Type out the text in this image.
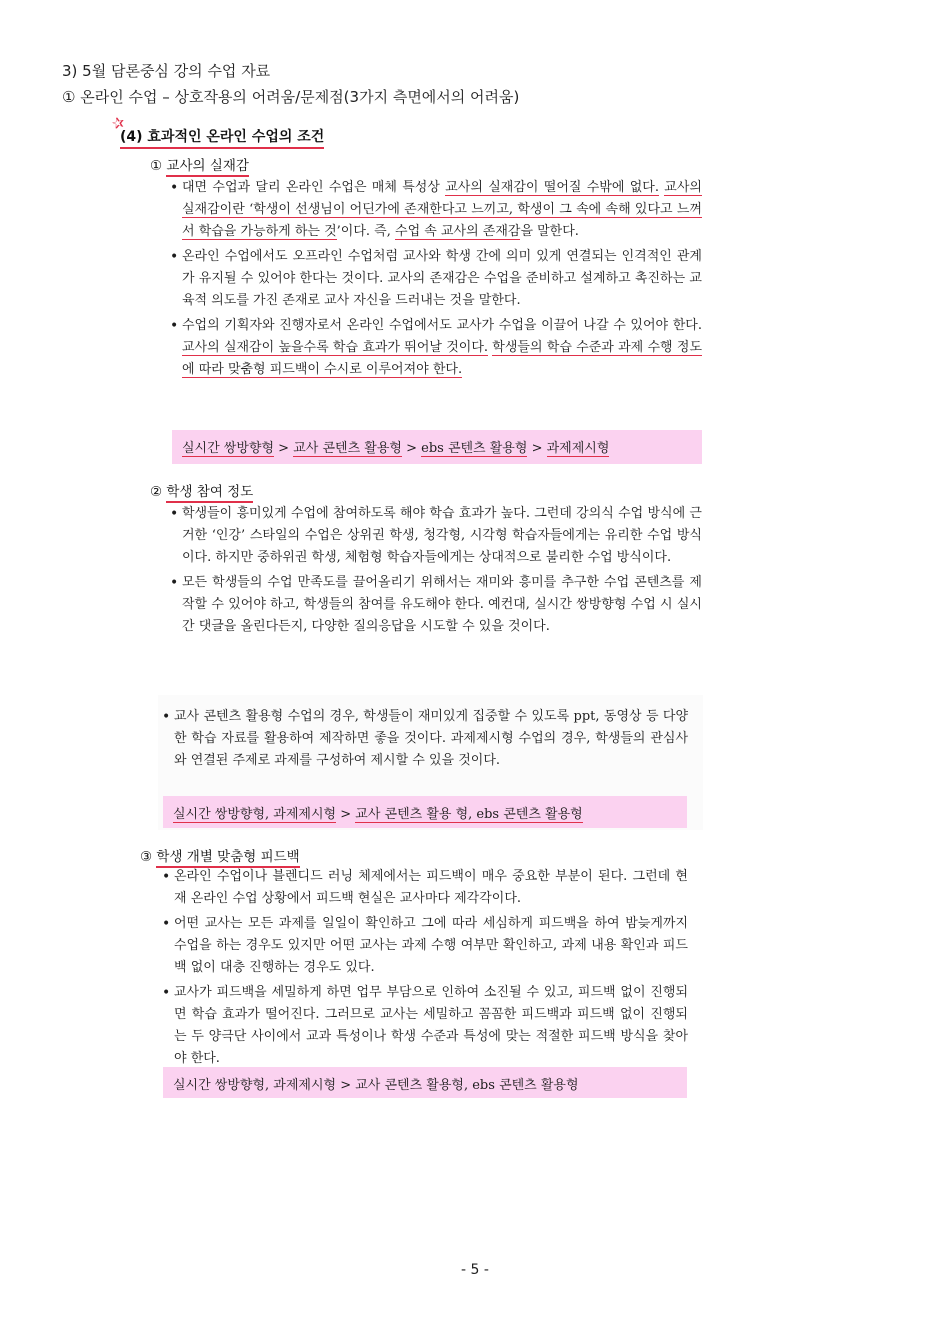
3) 5월 담론중심 강의 수업 자료
① 온라인 수업 – 상호작용의 어려움/문제점(3가지 측면에서의 어려움)
✰
(4) 효과적인 온라인 수업의 조건
① 교사의 실재감
• 대면 수업과 달리 온라인 수업은 매체 특성상 교사의 실재감이 떨어질 수밖에 없다. 교사의 실재감이란 ‘학생이 선생님이 어딘가에 존재한다고 느끼고, 학생이 그 속에 속해 있다고 느껴서 학습을 가능하게 하는 것’이다. 즉, 수업 속 교사의 존재감을 말한다.
• 온라인 수업에서도 오프라인 수업처럼 교사와 학생 간에 의미 있게 연결되는 인격적인 관계가 유지될 수 있어야 한다는 것이다. 교사의 존재감은 수업을 준비하고 설계하고 촉진하는 교육적 의도를 가진 존재로 교사 자신을 드러내는 것을 말한다.
• 수업의 기획자와 진행자로서 온라인 수업에서도 교사가 수업을 이끌어 나갈 수 있어야 한다. 교사의 실재감이 높을수록 학습 효과가 뛰어날 것이다. 학생들의 학습 수준과 과제 수행 정도에 따라 맞춤형 피드백이 수시로 이루어져야 한다.
실시간 쌍방향형 > 교사 콘텐츠 활용형 > ebs 콘텐츠 활용형 > 과제제시형
② 학생 참여 정도
• 학생들이 흥미있게 수업에 참여하도록 해야 학습 효과가 높다. 그런데 강의식 수업 방식에 근거한 ‘인강’ 스타일의 수업은 상위권 학생, 청각형, 시각형 학습자들에게는 유리한 수업 방식이다. 하지만 중하위권 학생, 체험형 학습자들에게는 상대적으로 불리한 수업 방식이다.
• 모든 학생들의 수업 만족도를 끌어올리기 위해서는 재미와 흥미를 추구한 수업 콘텐츠를 제작할 수 있어야 하고, 학생들의 참여를 유도해야 한다. 예컨대, 실시간 쌍방향형 수업 시 실시간 댓글을 올린다든지, 다양한 질의응답을 시도할 수 있을 것이다.
• 교사 콘텐츠 활용형 수업의 경우, 학생들이 재미있게 집중할 수 있도록 ppt, 동영상 등 다양한 학습 자료를 활용하여 제작하면 좋을 것이다. 과제제시형 수업의 경우, 학생들의 관심사와 연결된 주제로 과제를 구성하여 제시할 수 있을 것이다.
실시간 쌍방향형, 과제제시형 > 교사 콘텐츠 활용 형, ebs 콘텐츠 활용형
③ 학생 개별 맞춤형 피드백
• 온라인 수업이나 블렌디드 러닝 체제에서는 피드백이 매우 중요한 부분이 된다. 그런데 현재 온라인 수업 상황에서 피드백 현실은 교사마다 제각각이다.
• 어떤 교사는 모든 과제를 일일이 확인하고 그에 따라 세심하게 피드백을 하여 밤늦게까지 수업을 하는 경우도 있지만 어떤 교사는 과제 수행 여부만 확인하고, 과제 내용 확인과 피드백 없이 대충 진행하는 경우도 있다.
• 교사가 피드백을 세밀하게 하면 업무 부담으로 인하여 소진될 수 있고, 피드백 없이 진행되면 학습 효과가 떨어진다. 그러므로 교사는 세밀하고 꼼꼼한 피드백과 피드백 없이 진행되는 두 양극단 사이에서 교과 특성이나 학생 수준과 특성에 맞는 적절한 피드백 방식을 찾아야 한다.
실시간 쌍방향형, 과제제시형 > 교사 콘텐츠 활용형, ebs 콘텐츠 활용형
- 5 -
